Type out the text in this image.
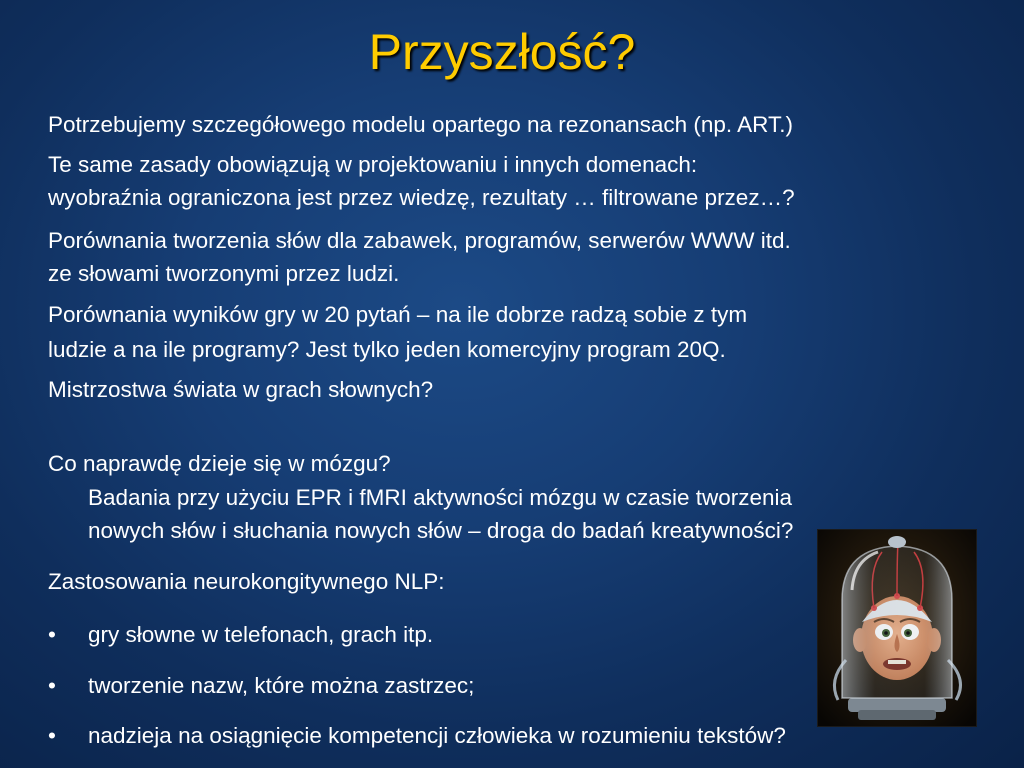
Przyszłość?

Potrzebujemy szczegółowego modelu opartego na rezonansach (np. ART.)

Te same zasady obowiązują w projektowaniu i innych domenach:

wyobraźnia ograniczona jest przez wiedzę, rezultaty … filtrowane przez…?

Porównania tworzenia słów dla zabawek, programów, serwerów WWW itd.

ze słowami tworzonymi przez ludzi.

Porównania wyników gry w 20 pytań – na ile dobrze radzą sobie z tym

ludzie a na ile programy? Jest tylko jeden komercyjny program 20Q.

Mistrzostwa świata w grach słownych?

Co naprawdę dzieje się w mózgu?

Badania przy użyciu EPR i fMRI aktywności mózgu w czasie tworzenia

nowych słów i słuchania nowych słów – droga do badań kreatywności?

Zastosowania neurokongitywnego NLP:

• gry słowne w telefonach, grach itp.

• tworzenie nazw, które można zastrzec;

• nadzieja na osiągnięcie kompetencji człowieka w rozumieniu tekstów?
